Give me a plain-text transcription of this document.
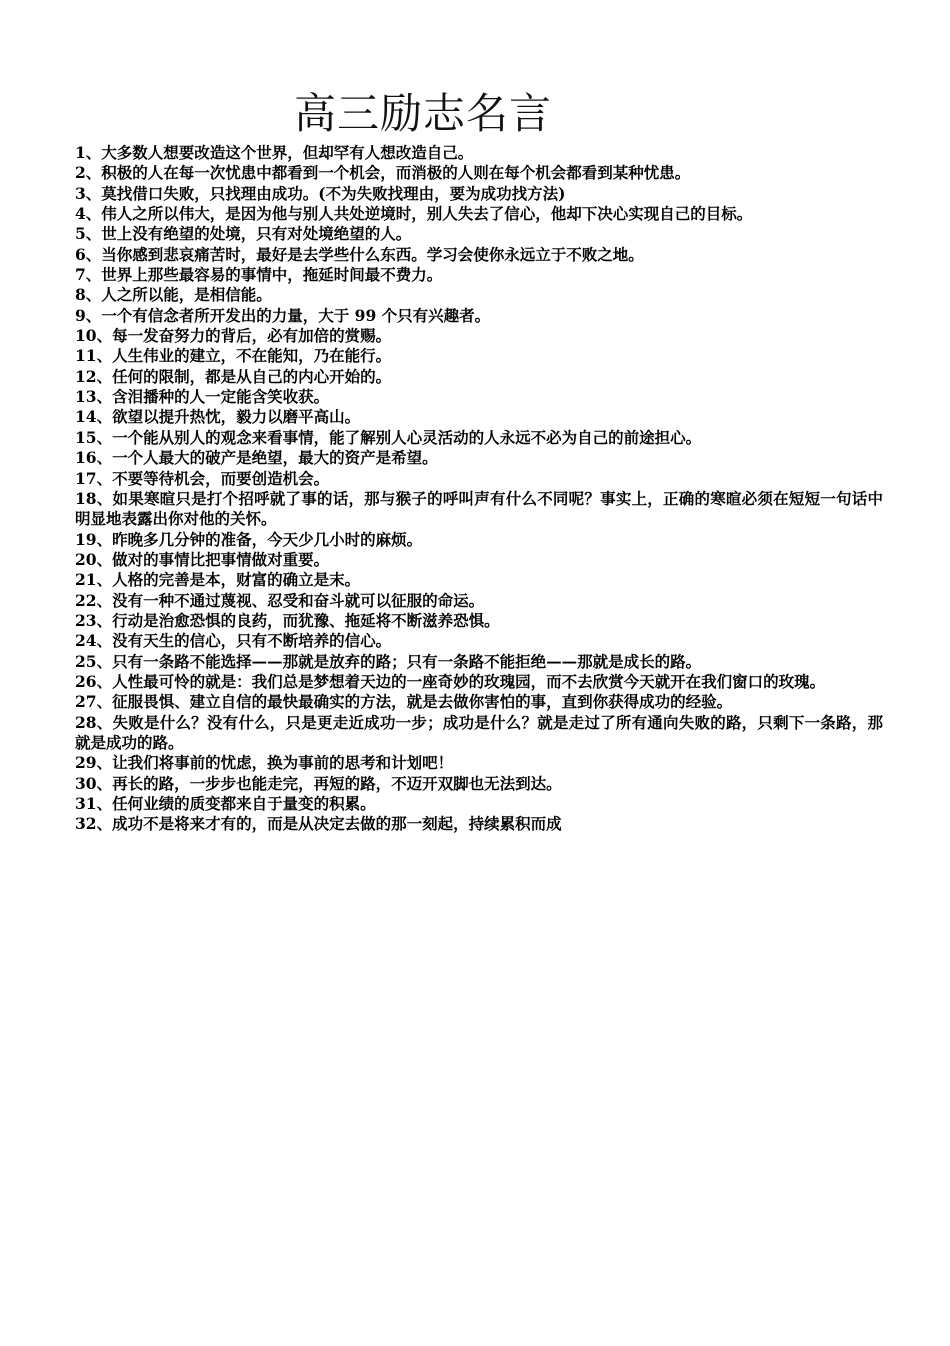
高三励志名言
1、大多数人想要改造这个世界，但却罕有人想改造自己。
2、积极的人在每一次忧患中都看到一个机会，而消极的人则在每个机会都看到某种忧患。
3、莫找借口失败，只找理由成功。(不为失败找理由，要为成功找方法)
4、伟人之所以伟大，是因为他与别人共处逆境时，别人失去了信心，他却下决心实现自己的目标。
5、世上没有绝望的处境，只有对处境绝望的人。
6、当你感到悲哀痛苦时，最好是去学些什么东西。学习会使你永远立于不败之地。
7、世界上那些最容易的事情中，拖延时间最不费力。
8、人之所以能，是相信能。
9、一个有信念者所开发出的力量，大于 99 个只有兴趣者。
10、每一发奋努力的背后，必有加倍的赏赐。
11、人生伟业的建立，不在能知，乃在能行。
12、任何的限制，都是从自己的内心开始的。
13、含泪播种的人一定能含笑收获。
14、欲望以提升热忱，毅力以磨平高山。
15、一个能从别人的观念来看事情，能了解别人心灵活动的人永远不必为自己的前途担心。
16、一个人最大的破产是绝望，最大的资产是希望。
17、不要等待机会，而要创造机会。
18、如果寒暄只是打个招呼就了事的话，那与猴子的呼叫声有什么不同呢？事实上，正确的寒暄必须在短短一句话中明显地表露出你对他的关怀。
19、昨晚多几分钟的准备，今天少几小时的麻烦。
20、做对的事情比把事情做对重要。
21、人格的完善是本，财富的确立是末。
22、没有一种不通过蔑视、忍受和奋斗就可以征服的命运。
23、行动是治愈恐惧的良药，而犹豫、拖延将不断滋养恐惧。
24、没有天生的信心，只有不断培养的信心。
25、只有一条路不能选择——那就是放弃的路；只有一条路不能拒绝——那就是成长的路。
26、人性最可怜的就是：我们总是梦想着天边的一座奇妙的玫瑰园，而不去欣赏今天就开在我们窗口的玫瑰。
27、征服畏惧、建立自信的最快最确实的方法，就是去做你害怕的事，直到你获得成功的经验。
28、失败是什么？没有什么，只是更走近成功一步；成功是什么？就是走过了所有通向失败的路，只剩下一条路，那就是成功的路。
29、让我们将事前的忧虑，换为事前的思考和计划吧！
30、再长的路，一步步也能走完，再短的路，不迈开双脚也无法到达。
31、任何业绩的质变都来自于量变的积累。
32、成功不是将来才有的，而是从决定去做的那一刻起，持续累积而成
